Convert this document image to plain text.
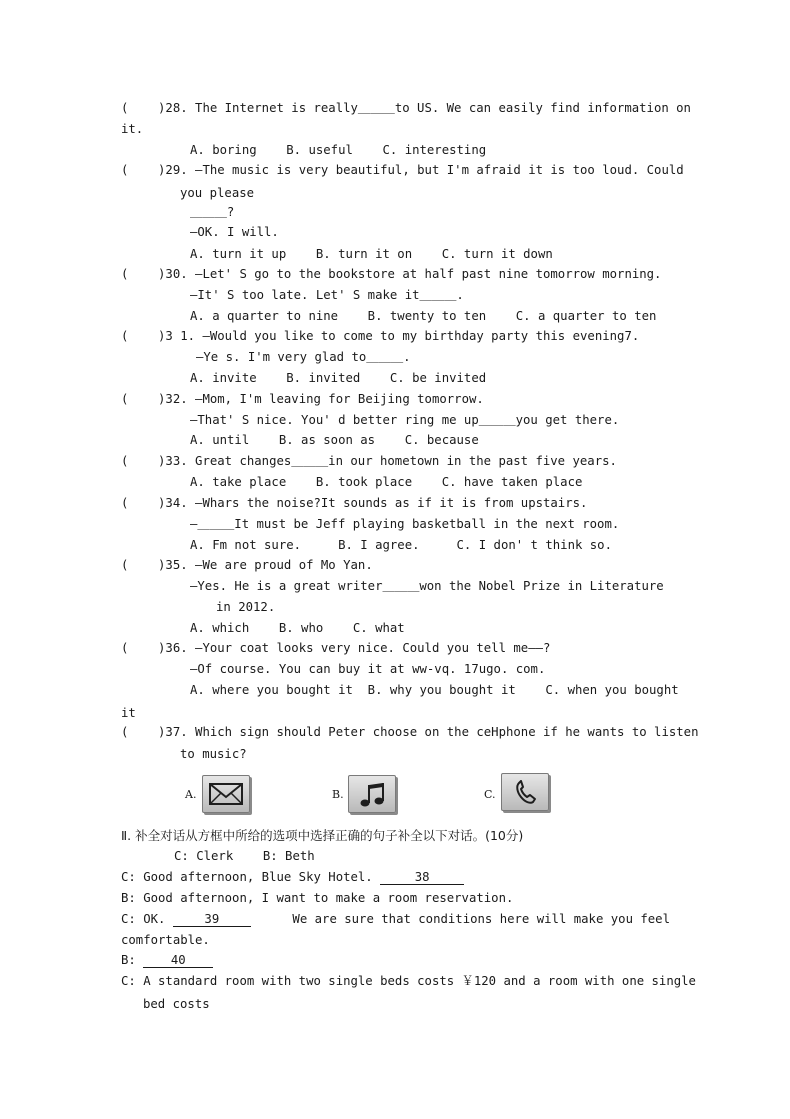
(    )28. The Internet is really＿＿＿to US. We can easily find information on
it.
A. boring    B. useful    C. interesting
(    )29. —The music is very beautiful, but I'm afraid it is too loud. Could
you please
＿＿＿?
—OK. I will.
A. turn it up    B. turn it on    C. turn it down
(    )30. —Let' S go to the bookstore at half past nine tomorrow morning.
—It' S too late. Let' S make it＿＿＿.
A. a quarter to nine    B. twenty to ten    C. a quarter to ten
(    )3 1. —Would you like to come to my birthday party this evening7.
—Ye s. I'm very glad to＿＿＿.
A. invite    B. invited    C. be invited
(    )32. —Mom, I'm leaving for Beijing tomorrow.
—That' S nice. You' d better ring me up＿＿＿you get there.
A. until    B. as soon as    C. because
(    )33. Great changes＿＿＿in our hometown in the past five years.
A. take place    B. took place    C. have taken place
(    )34. —Whars the noise?It sounds as if it is from upstairs.
—＿＿＿It must be Jeff playing basketball in the next room.
A. Fm not sure.     B. I agree.     C. I don' t think so.
(    )35. —We are proud of Mo Yan.
—Yes. He is a great writer＿＿＿won the Nobel Prize in Literature
in 2012.
A. which    B. who    C. what
(    )36. —Your coat looks very nice. Could you tell me——?
—Of course. You can buy it at ww-vq. 17ugo. com.
A. where you bought it  B. why you bought it    C. when you bought
it
(    )37. Which sign should Peter choose on the ceHphone if he wants to listen
to music?
A.	B.	C.
Ⅱ. 补全对话从方框中所给的选项中选择正确的句子补全以下对话。(10分)
C: Clerk    B: Beth
C: Good afternoon, Blue Sky Hotel.	38
B: Good afternoon, I want to make a room reservation.
C: OK.	39	We are sure that conditions here will make you feel
comfortable.
B: 40
C: A standard room with two single beds costs ￥120 and a room with one single
bed costs
